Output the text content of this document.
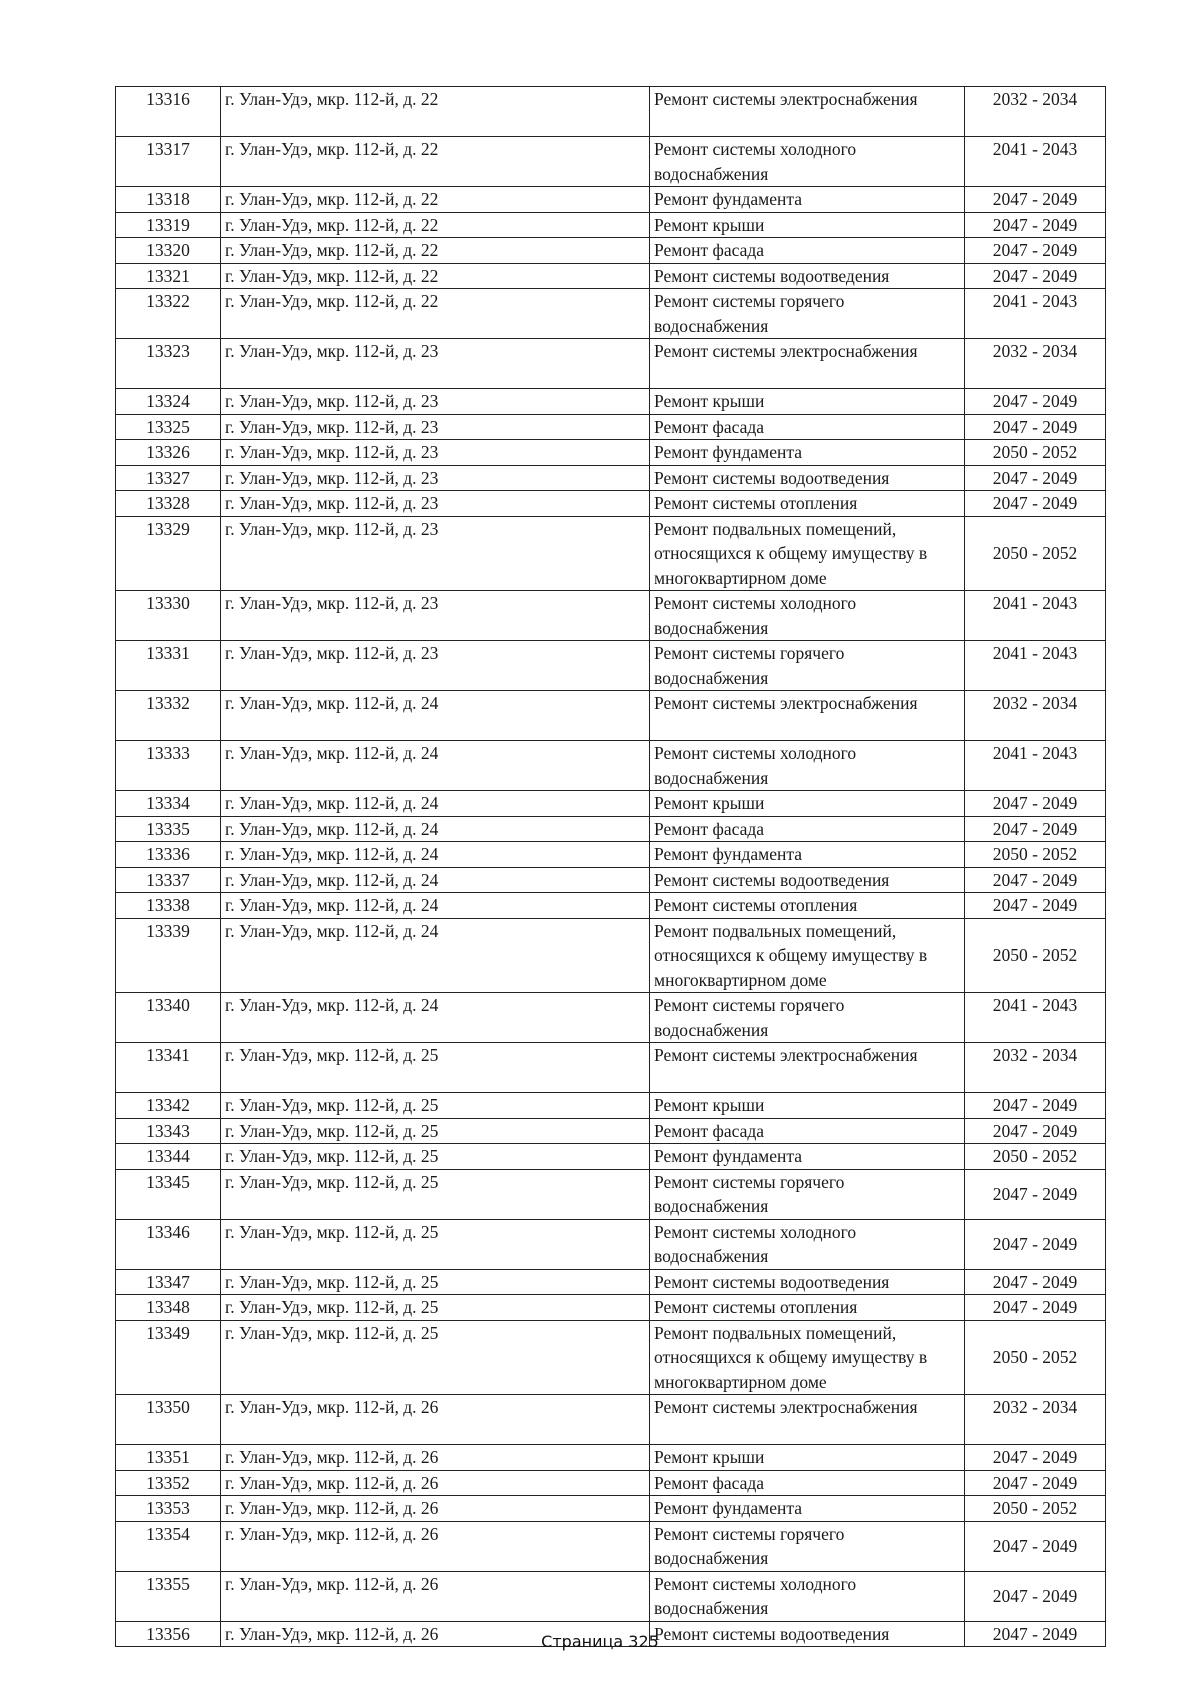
13316	г. Улан-Удэ, мкр. 112-й, д. 22	Ремонт системы электроснабжения	2032 - 2034
13317	г. Улан-Удэ, мкр. 112-й, д. 22	Ремонт системы холодного водоснабжения	2041 - 2043
13318	г. Улан-Удэ, мкр. 112-й, д. 22	Ремонт фундамента	2047 - 2049
13319	г. Улан-Удэ, мкр. 112-й, д. 22	Ремонт крыши	2047 - 2049
13320	г. Улан-Удэ, мкр. 112-й, д. 22	Ремонт фасада	2047 - 2049
13321	г. Улан-Удэ, мкр. 112-й, д. 22	Ремонт системы водоотведения	2047 - 2049
13322	г. Улан-Удэ, мкр. 112-й, д. 22	Ремонт системы горячего водоснабжения	2041 - 2043
13323	г. Улан-Удэ, мкр. 112-й, д. 23	Ремонт системы электроснабжения	2032 - 2034
13324	г. Улан-Удэ, мкр. 112-й, д. 23	Ремонт крыши	2047 - 2049
13325	г. Улан-Удэ, мкр. 112-й, д. 23	Ремонт фасада	2047 - 2049
13326	г. Улан-Удэ, мкр. 112-й, д. 23	Ремонт фундамента	2050 - 2052
13327	г. Улан-Удэ, мкр. 112-й, д. 23	Ремонт системы водоотведения	2047 - 2049
13328	г. Улан-Удэ, мкр. 112-й, д. 23	Ремонт системы отопления	2047 - 2049
13329	г. Улан-Удэ, мкр. 112-й, д. 23	Ремонт подвальных помещений, относящихся к общему имуществу в многоквартирном доме	2050 - 2052
13330	г. Улан-Удэ, мкр. 112-й, д. 23	Ремонт системы холодного водоснабжения	2041 - 2043
13331	г. Улан-Удэ, мкр. 112-й, д. 23	Ремонт системы горячего водоснабжения	2041 - 2043
13332	г. Улан-Удэ, мкр. 112-й, д. 24	Ремонт системы электроснабжения	2032 - 2034
13333	г. Улан-Удэ, мкр. 112-й, д. 24	Ремонт системы холодного водоснабжения	2041 - 2043
13334	г. Улан-Удэ, мкр. 112-й, д. 24	Ремонт крыши	2047 - 2049
13335	г. Улан-Удэ, мкр. 112-й, д. 24	Ремонт фасада	2047 - 2049
13336	г. Улан-Удэ, мкр. 112-й, д. 24	Ремонт фундамента	2050 - 2052
13337	г. Улан-Удэ, мкр. 112-й, д. 24	Ремонт системы водоотведения	2047 - 2049
13338	г. Улан-Удэ, мкр. 112-й, д. 24	Ремонт системы отопления	2047 - 2049
13339	г. Улан-Удэ, мкр. 112-й, д. 24	Ремонт подвальных помещений, относящихся к общему имуществу в многоквартирном доме	2050 - 2052
13340	г. Улан-Удэ, мкр. 112-й, д. 24	Ремонт системы горячего водоснабжения	2041 - 2043
13341	г. Улан-Удэ, мкр. 112-й, д. 25	Ремонт системы электроснабжения	2032 - 2034
13342	г. Улан-Удэ, мкр. 112-й, д. 25	Ремонт крыши	2047 - 2049
13343	г. Улан-Удэ, мкр. 112-й, д. 25	Ремонт фасада	2047 - 2049
13344	г. Улан-Удэ, мкр. 112-й, д. 25	Ремонт фундамента	2050 - 2052
13345	г. Улан-Удэ, мкр. 112-й, д. 25	Ремонт системы горячего водоснабжения	2047 - 2049
13346	г. Улан-Удэ, мкр. 112-й, д. 25	Ремонт системы холодного водоснабжения	2047 - 2049
13347	г. Улан-Удэ, мкр. 112-й, д. 25	Ремонт системы водоотведения	2047 - 2049
13348	г. Улан-Удэ, мкр. 112-й, д. 25	Ремонт системы отопления	2047 - 2049
13349	г. Улан-Удэ, мкр. 112-й, д. 25	Ремонт подвальных помещений, относящихся к общему имуществу в многоквартирном доме	2050 - 2052
13350	г. Улан-Удэ, мкр. 112-й, д. 26	Ремонт системы электроснабжения	2032 - 2034
13351	г. Улан-Удэ, мкр. 112-й, д. 26	Ремонт крыши	2047 - 2049
13352	г. Улан-Удэ, мкр. 112-й, д. 26	Ремонт фасада	2047 - 2049
13353	г. Улан-Удэ, мкр. 112-й, д. 26	Ремонт фундамента	2050 - 2052
13354	г. Улан-Удэ, мкр. 112-й, д. 26	Ремонт системы горячего водоснабжения	2047 - 2049
13355	г. Улан-Удэ, мкр. 112-й, д. 26	Ремонт системы холодного водоснабжения	2047 - 2049
13356	г. Улан-Удэ, мкр. 112-й, д. 26	Ремонт системы водоотведения	2047 - 2049
Страница 325
